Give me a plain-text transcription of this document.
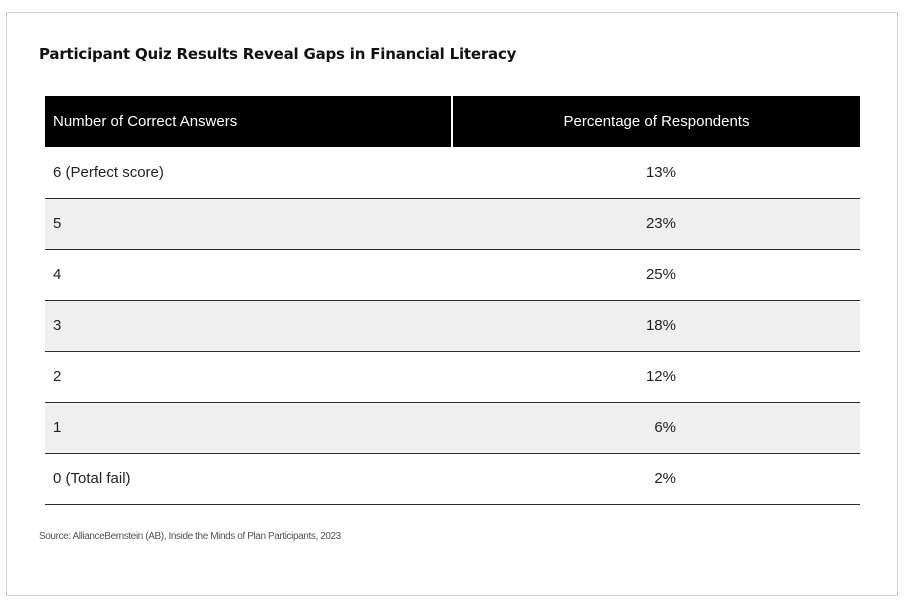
Participant Quiz Results Reveal Gaps in Financial Literacy
Number of Correct Answers	Percentage of Respondents
6 (Perfect score)	13%
5	23%
4	25%
3	18%
2	12%
1	6%
0 (Total fail)	2%
Source: AllianceBernstein (AB), Inside the Minds of Plan Participants, 2023
